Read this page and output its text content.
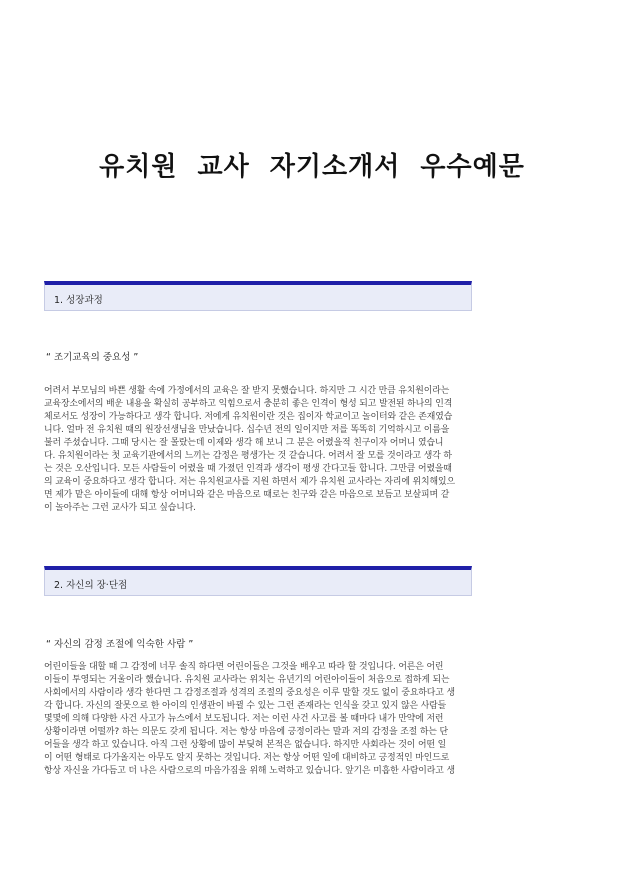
유치원 교사 자기소개서 우수예문
1. 성장과정

“ 조기교육의 중요성 ”

어려서 부모님의 바쁜 생활 속에 가정에서의 교육은 잘 받지 못했습니다. 하지만 그 시간 만큼 유치원이라는
교육장소에서의 배운 내용을 확실히 공부하고 익힘으로서 충분히 좋은 인격이 형성 되고 발전된 하나의 인격
체로서도 성장이 가능하다고 생각 합니다. 저에게 유치원이란 것은 집이자 학교이고 놀이터와 같은 존재였습
니다. 얼마 전 유치원 때의 원장선생님을 만났습니다. 십수년 전의 일이지만 저를 똑똑히 기억하시고 이름을
불러 주셨습니다. 그때 당시는 잘 몰랐는데 이제와 생각 해 보니 그 분은 어렸을적 친구이자 어머니 였습니
다. 유치원이라는 첫 교육기관에서의 느끼는 감정은 평생가는 것 같습니다. 어려서 잘 모를 것이라고 생각 하
는 것은 오산입니다. 모든 사람들이 어렸을 때 가졌던 인격과 생각이 평생 간다고들 합니다. 그만큼 어렸을때
의 교육이 중요하다고 생각 합니다. 저는 유치원교사를 지원 하면서 제가 유치원 교사라는 자리에 위치해있으
면 제가 맡은 아이들에 대해 항상 어머니와 같은 마음으로 때로는 친구와 같은 마음으로 보듬고 보살피며 같
이 놀아주는 그런 교사가 되고 싶습니다.
2. 자신의 장·단점

“ 자신의 감정 조절에 익숙한 사람 ”

어린이들을 대할 때 그 감정에 너무 솔직 하다면 어린이들은 그것을 배우고 따라 할 것입니다. 어른은 어린
이들이 투영되는 거울이라 했습니다. 유치원 교사라는 위치는 유년기의 어린아이들이 처음으로 접하게 되는
사회에서의 사람이라 생각 한다면 그 감정조절과 성격의 조절의 중요성은 이루 말할 것도 없이 중요하다고 생
각 합니다. 자신의 잘못으로 한 아이의 인생관이 바뀔 수 있는 그런 존재라는 인식을 갖고 있지 않은 사람들
몇몇에 의해 다양한 사건 사고가 뉴스에서 보도됩니다. 저는 이런 사건 사고를 볼 때마다 내가 만약에 저런
상황이라면 어떨까? 하는 의문도 갖게 됩니다. 저는 항상 마음에 긍정이라는 말과 저의 감정을 조절 하는 단
어들을 생각 하고 있습니다. 아직 그런 상황에 많이 부딪혀 본적은 없습니다. 하지만 사회라는 것이 어떤 일
이 어떤 형태로 다가올지는 아무도 알지 못하는 것입니다. 저는 항상 어떤 일에 대비하고 긍정적인 마인드로
항상 자신을 가다듬고 더 나은 사람으로의 마음가짐을 위해 노력하고 있습니다. 앞기은 미흡한 사람이라고 생
